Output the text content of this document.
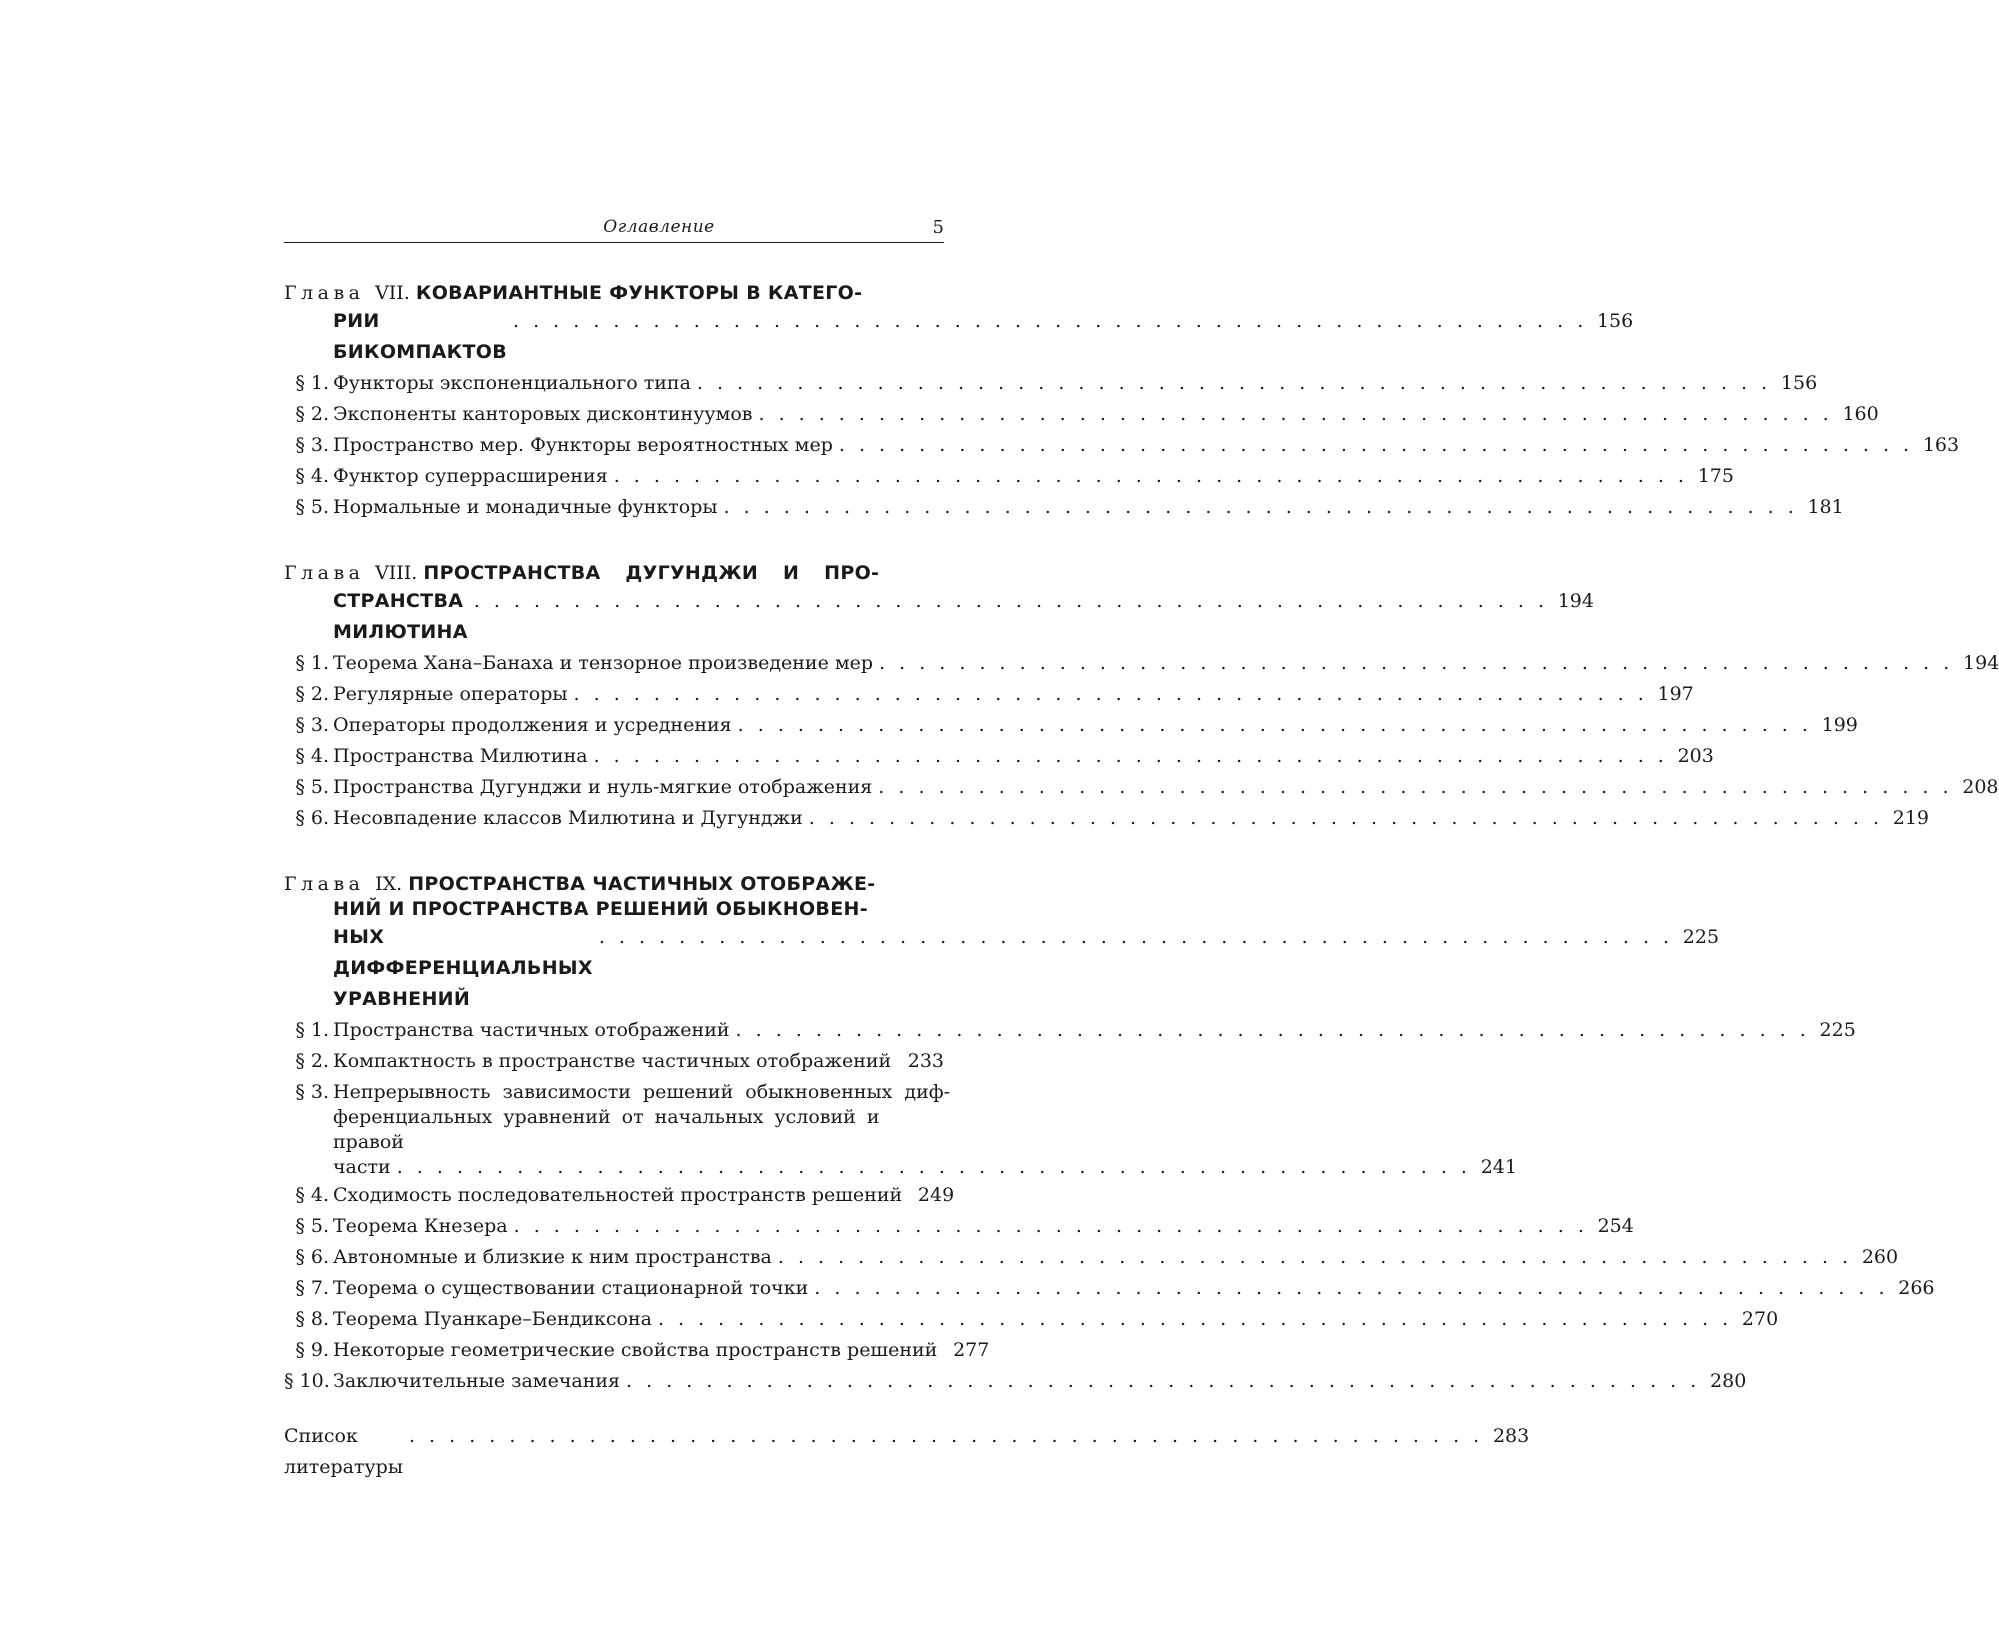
Оглавление	5
Глава VII. КОВАРИАНТНЫЕ ФУНКТОРЫ В КАТЕГО-
РИИ БИКОМПАКТОВ
. . . . . . . . . . . . . . . . . . . . . . . . . . . . . . . . . . . . . . . . . . . . . . . . . . . . . . 156
§ 1. Функторы экспоненциального типа . . . . . . . . . . . . . . . . . . . . . . . . . . . . . . . . . . . . . . . . . . . . . . . . . . . . . . 156
§ 2. Экспоненты канторовых дисконтинуумов . . . . . . . . . . . . . . . . . . . . . . . . . . . . . . . . . . . . . . . . . . . . . . . . . . . . . . 160
§ 3. Пространство мер. Функторы вероятностных мер . . . . . . . . . . . . . . . . . . . . . . . . . . . . . . . . . . . . . . . . . . . . . . . . . . . . . . 163
§ 4. Функтор суперрасширения . . . . . . . . . . . . . . . . . . . . . . . . . . . . . . . . . . . . . . . . . . . . . . . . . . . . . . 175
§ 5. Нормальные и монадичные функторы . . . . . . . . . . . . . . . . . . . . . . . . . . . . . . . . . . . . . . . . . . . . . . . . . . . . . . 181
Глава VIII. ПРОСТРАНСТВА ДУГУНДЖИ И ПРО-
СТРАНСТВА МИЛЮТИНА
. . . . . . . . . . . . . . . . . . . . . . . . . . . . . . . . . . . . . . . . . . . . . . . . . . . . . . 194
§ 1. Теорема Хана–Банаха и тензорное произведение мер . . . . . . . . . . . . . . . . . . . . . . . . . . . . . . . . . . . . . . . . . . . . . . . . . . . . . . 194
§ 2. Регулярные операторы . . . . . . . . . . . . . . . . . . . . . . . . . . . . . . . . . . . . . . . . . . . . . . . . . . . . . . 197
§ 3. Операторы продолжения и усреднения . . . . . . . . . . . . . . . . . . . . . . . . . . . . . . . . . . . . . . . . . . . . . . . . . . . . . . 199
§ 4. Пространства Милютина . . . . . . . . . . . . . . . . . . . . . . . . . . . . . . . . . . . . . . . . . . . . . . . . . . . . . . 203
§ 5. Пространства Дугунджи и нуль-мягкие отображения . . . . . . . . . . . . . . . . . . . . . . . . . . . . . . . . . . . . . . . . . . . . . . . . . . . . . . 208
§ 6. Несовпадение классов Милютина и Дугунджи . . . . . . . . . . . . . . . . . . . . . . . . . . . . . . . . . . . . . . . . . . . . . . . . . . . . . . 219
Глава IX. ПРОСТРАНСТВА ЧАСТИЧНЫХ ОТОБРАЖЕ-
НИЙ И ПРОСТРАНСТВА РЕШЕНИЙ ОБЫКНОВЕН-
НЫХ ДИФФЕРЕНЦИАЛЬНЫХ УРАВНЕНИЙ
. . . . . . . . . . . . . . . . . . . . . . . . . . . . . . . . . . . . . . . . . . . . . . . . . . . . . . 225
§ 1. Пространства частичных отображений . . . . . . . . . . . . . . . . . . . . . . . . . . . . . . . . . . . . . . . . . . . . . . . . . . . . . . 225
§ 2. Компактность в пространстве частичных отображений 233
§ 3. Непрерывность зависимости решений обыкновенных диф-
ференциальных уравнений от начальных условий и правой
части . . . . . . . . . . . . . . . . . . . . . . . . . . . . . . . . . . . . . . . . . . . . . . . . . . . . . . 241
§ 4. Сходимость последовательностей пространств решений 249
§ 5. Теорема Кнезера . . . . . . . . . . . . . . . . . . . . . . . . . . . . . . . . . . . . . . . . . . . . . . . . . . . . . . 254
§ 6. Автономные и близкие к ним пространства . . . . . . . . . . . . . . . . . . . . . . . . . . . . . . . . . . . . . . . . . . . . . . . . . . . . . . 260
§ 7. Теорема о существовании стационарной точки . . . . . . . . . . . . . . . . . . . . . . . . . . . . . . . . . . . . . . . . . . . . . . . . . . . . . . 266
§ 8. Теорема Пуанкаре–Бендиксона . . . . . . . . . . . . . . . . . . . . . . . . . . . . . . . . . . . . . . . . . . . . . . . . . . . . . . 270
§ 9. Некоторые геометрические свойства пространств решений 277
§ 10. Заключительные замечания . . . . . . . . . . . . . . . . . . . . . . . . . . . . . . . . . . . . . . . . . . . . . . . . . . . . . . 280
Список литературы
. . . . . . . . . . . . . . . . . . . . . . . . . . . . . . . . . . . . . . . . . . . . . . . . . . . . . . 283
